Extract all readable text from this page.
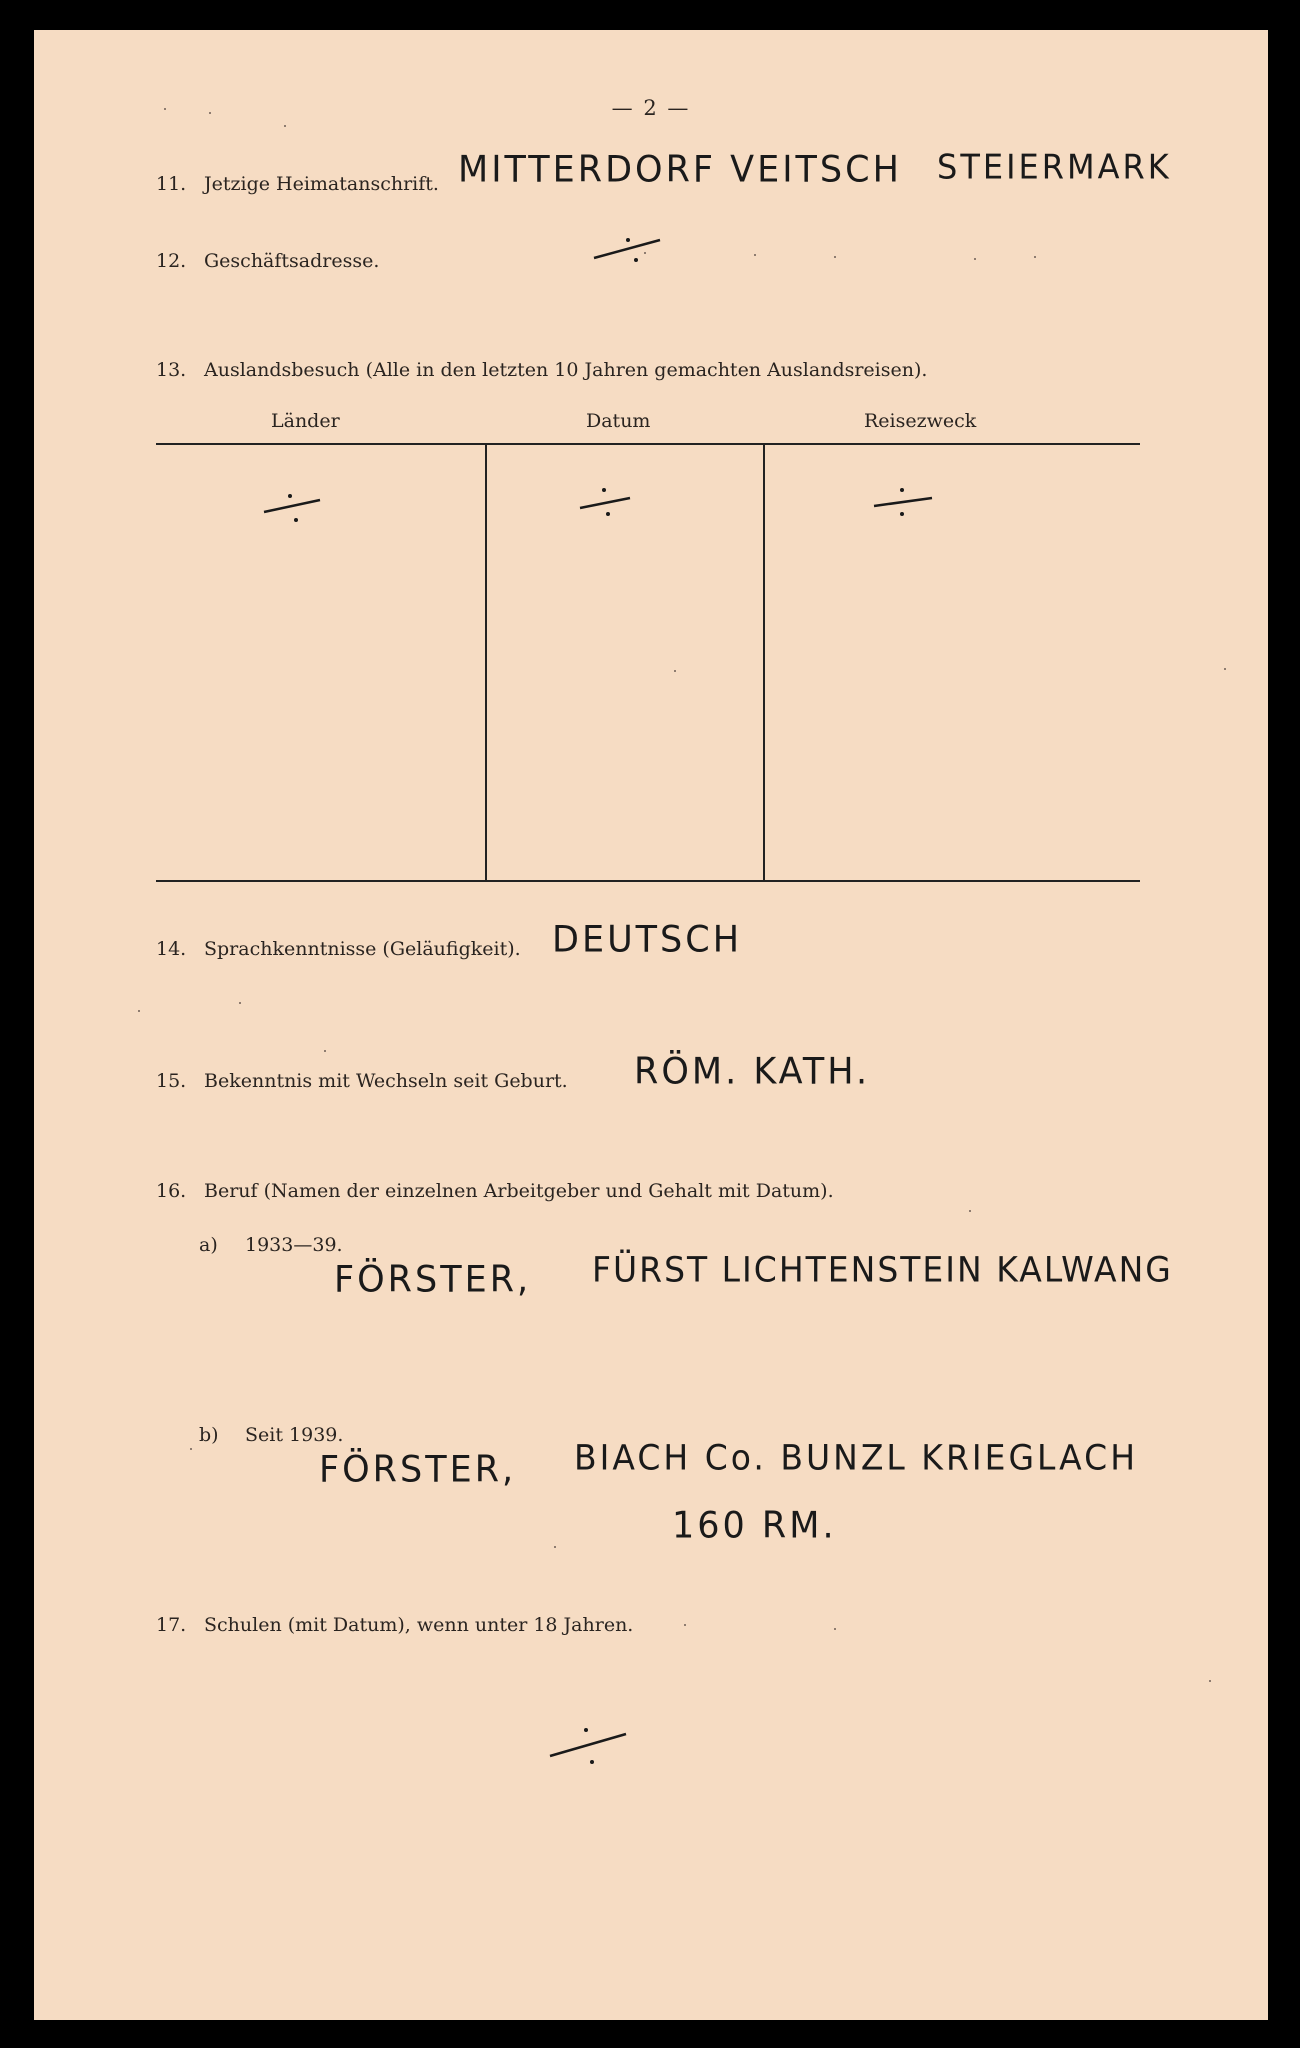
— 2 —
11. Jetzige Heimatanschrift. MITTERDORF VEITSCH STEIERMARK
12. Geschäftsadresse.
13. Auslandsbesuch (Alle in den letzten 10 Jahren gemachten Auslandsreisen).
Länder	Datum	Reisezweck
14. Sprachkenntnisse (Geläufigkeit). DEUTSCH
15. Bekenntnis mit Wechseln seit Geburt. RÖM. KATH.
16. Beruf (Namen der einzelnen Arbeitgeber und Gehalt mit Datum).
a) 1933—39.
FÖRSTER, FÜRST LICHTENSTEIN KALWANG
b) Seit 1939.
FÖRSTER, BIACH Co. BUNZL KRIEGLACH
160 RM.
17. Schulen (mit Datum), wenn unter 18 Jahren.
